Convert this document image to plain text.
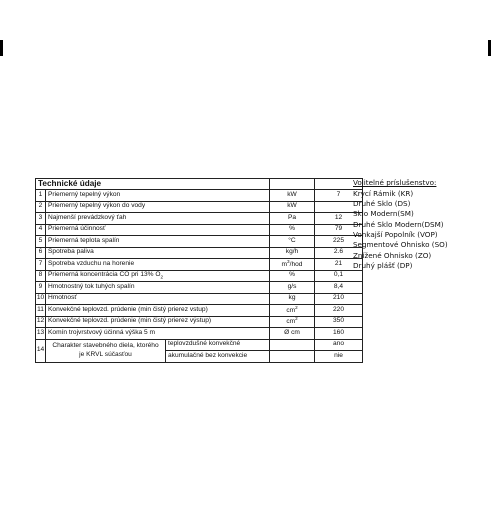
Technické údaje				
1	Priemerný tepelný výkon		kW	7
2	Priemerný tepelný výkon do vody		kW	
3	Najmenší prevádzkový ťah		Pa	12
4	Priemerná účinnosť		%	79
5	Priemerná teplota spalín		°C	225
6	Spotreba paliva		kg/h	2.6
7	Spotreba vzduchu na horenie		$m^3$/hod	21
8	Priemerná koncentrácia CO pri 13% $O_2$		%	0,1
9	Hmotnostný tok tuhých spalín		g/s	8,4
10	Hmotnosť		kg	210
11	Konvekčné teplovzd. prúdenie (min čistý prierez vstup)		$cm^2$	220
12	Konvekčné teplovzd. prúdenie (min čistý prierez výstup)		$cm^2$	350
13	Komín trojvrstvový účinná výška 5 m		Ø cm	160
14	Charakter stavebného diela, ktorého
je KRVL súčasťou	teplovzdušné konvekčné		ano
		akumulačné bez konvekcie		nie
Volitelné príslušenstvo:
Krycí Rámik (KR)
Druhé Sklo (DS)
Sklo Modern(SM)
Druhé Sklo Modern(DSM)
Vonkajší Popolník (VOP)
Segmentové Ohnisko (SO)
Znížené Ohnisko (ZO)
Druhý plášť (DP)
